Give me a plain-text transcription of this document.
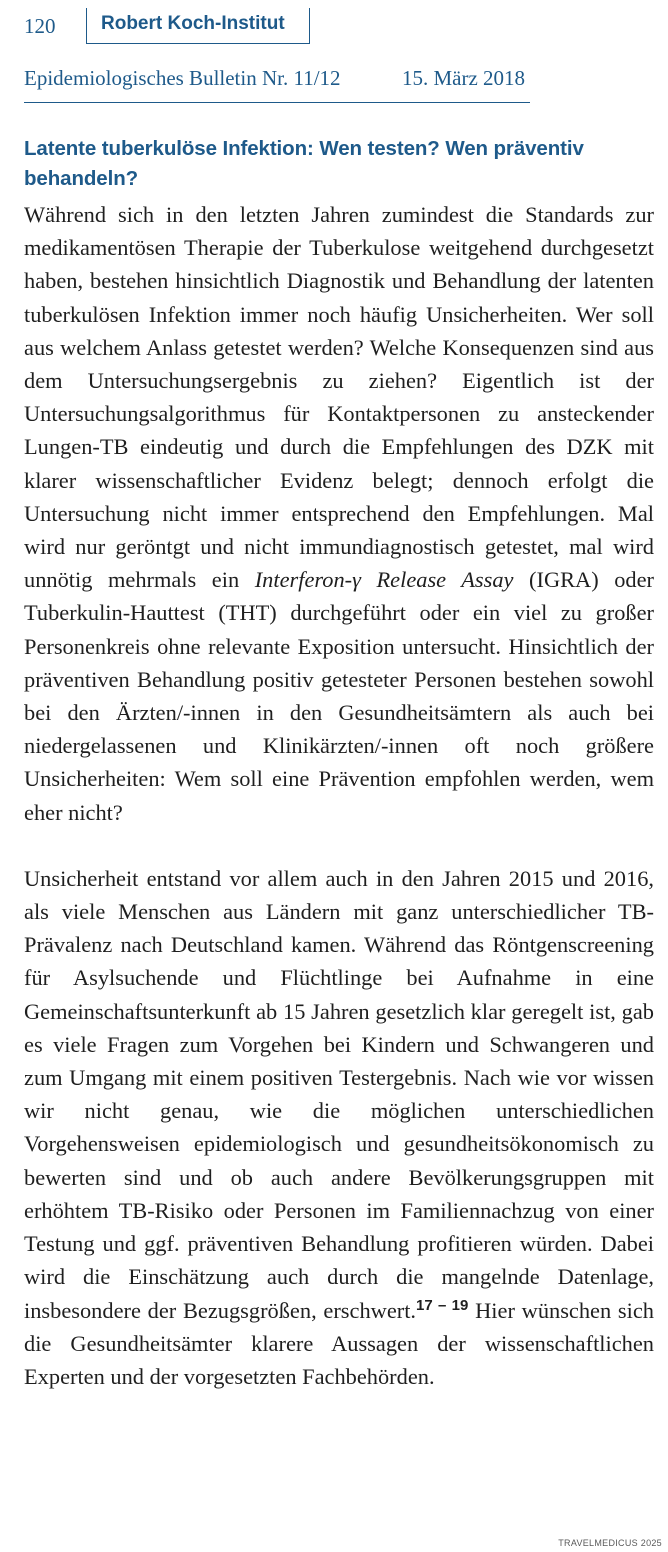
120 Robert Koch-Institut
Epidemiologisches Bulletin Nr. 11/12	15. März 2018
Latente tuberkulöse Infektion: Wen testen? Wen präventiv behandeln?

Während sich in den letzten Jahren zumindest die Standards zur medikamentösen Therapie der Tuberkulose weitgehend durchgesetzt haben, bestehen hinsichtlich Diagnostik und Behandlung der latenten tuberkulösen Infektion immer noch häufig Unsicherheiten. Wer soll aus welchem Anlass getestet werden? Welche Konsequenzen sind aus dem Untersuchungsergebnis zu ziehen? Eigentlich ist der Untersuchungsalgorithmus für Kontaktpersonen zu ansteckender Lungen-TB eindeutig und durch die Empfehlungen des DZK mit klarer wissenschaftlicher Evidenz belegt; dennoch erfolgt die Untersuchung nicht immer entsprechend den Empfehlungen. Mal wird nur geröntgt und nicht immundiagnostisch getestet, mal wird unnötig mehrmals ein Interferon-γ Release Assay (IGRA) oder Tuberkulin-Hauttest (THT) durchgeführt oder ein viel zu großer Personenkreis ohne relevante Exposition untersucht. Hinsichtlich der präventiven Behandlung positiv getesteter Personen bestehen sowohl bei den Ärzten/-innen in den Gesundheitsämtern als auch bei niedergelassenen und Klinikärzten/-innen oft noch größere Unsicherheiten: Wem soll eine Prävention empfohlen werden, wem eher nicht?

Unsicherheit entstand vor allem auch in den Jahren 2015 und 2016, als viele Menschen aus Ländern mit ganz unterschiedlicher TB-Prävalenz nach Deutschland kamen. Während das Röntgenscreening für Asylsuchende und Flüchtlinge bei Aufnahme in eine Gemeinschaftsunterkunft ab 15 Jahren gesetzlich klar geregelt ist, gab es viele Fragen zum Vorgehen bei Kindern und Schwangeren und zum Umgang mit einem positiven Testergebnis. Nach wie vor wissen wir nicht genau, wie die möglichen unterschiedlichen Vorgehensweisen epidemiologisch und gesundheitsökonomisch zu bewerten sind und ob auch andere Bevölkerungsgruppen mit erhöhtem TB-Risiko oder Personen im Familiennachzug von einer Testung und ggf. präventiven Behandlung profitieren würden. Dabei wird die Einschätzung auch durch die mangelnde Datenlage, insbesondere der Bezugsgrößen, erschwert.$^{17 - 19}$ Hier wünschen sich die Gesundheitsämter klarere Aussagen der wissenschaftlichen Experten und der vorgesetzten Fachbehörden.

TRAVELMEDICUS 2025
